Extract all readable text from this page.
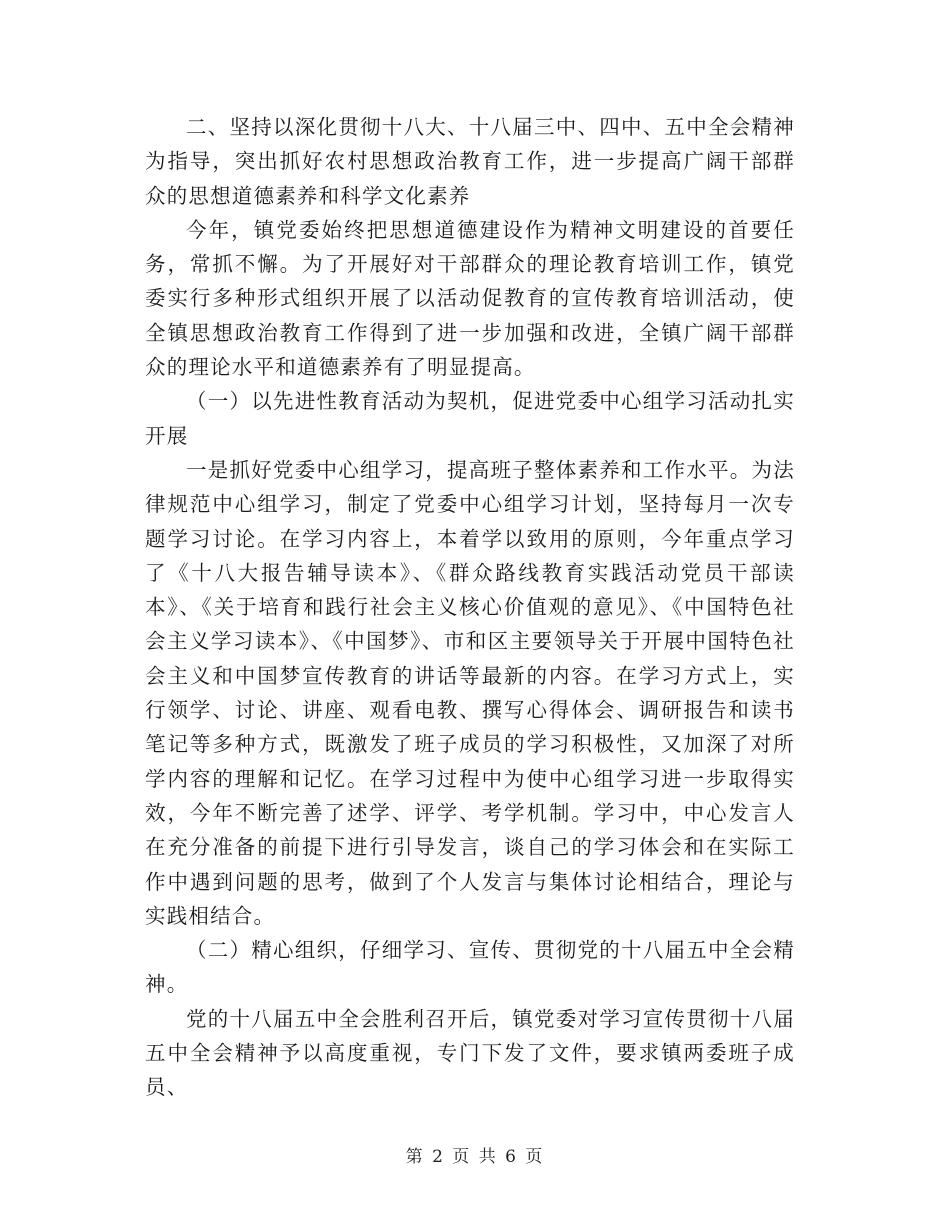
二、坚持以深化贯彻十八大、十八届三中、四中、五中全会精神为指导，突出抓好农村思想政治教育工作，进一步提高广阔干部群众的思想道德素养和科学文化素养

今年，镇党委始终把思想道德建设作为精神文明建设的首要任务，常抓不懈。为了开展好对干部群众的理论教育培训工作，镇党委实行多种形式组织开展了以活动促教育的宣传教育培训活动，使全镇思想政治教育工作得到了进一步加强和改进，全镇广阔干部群众的理论水平和道德素养有了明显提高。

（一）以先进性教育活动为契机，促进党委中心组学习活动扎实开展

一是抓好党委中心组学习，提高班子整体素养和工作水平。为法律规范中心组学习，制定了党委中心组学习计划，坚持每月一次专题学习讨论。在学习内容上，本着学以致用的原则，今年重点学习了《十八大报告辅导读本》、《群众路线教育实践活动党员干部读本》、《关于培育和践行社会主义核心价值观的意见》、《中国特色社会主义学习读本》、《中国梦》、市和区主要领导关于开展中国特色社会主义和中国梦宣传教育的讲话等最新的内容。在学习方式上，实行领学、讨论、讲座、观看电教、撰写心得体会、调研报告和读书笔记等多种方式，既激发了班子成员的学习积极性，又加深了对所学内容的理解和记忆。在学习过程中为使中心组学习进一步取得实效，今年不断完善了述学、评学、考学机制。学习中，中心发言人在充分准备的前提下进行引导发言，谈自己的学习体会和在实际工作中遇到问题的思考，做到了个人发言与集体讨论相结合，理论与实践相结合。

（二）精心组织，仔细学习、宣传、贯彻党的十八届五中全会精神。

党的十八届五中全会胜利召开后，镇党委对学习宣传贯彻十八届五中全会精神予以高度重视，专门下发了文件，要求镇两委班子成员、

第 2 页 共 6 页
